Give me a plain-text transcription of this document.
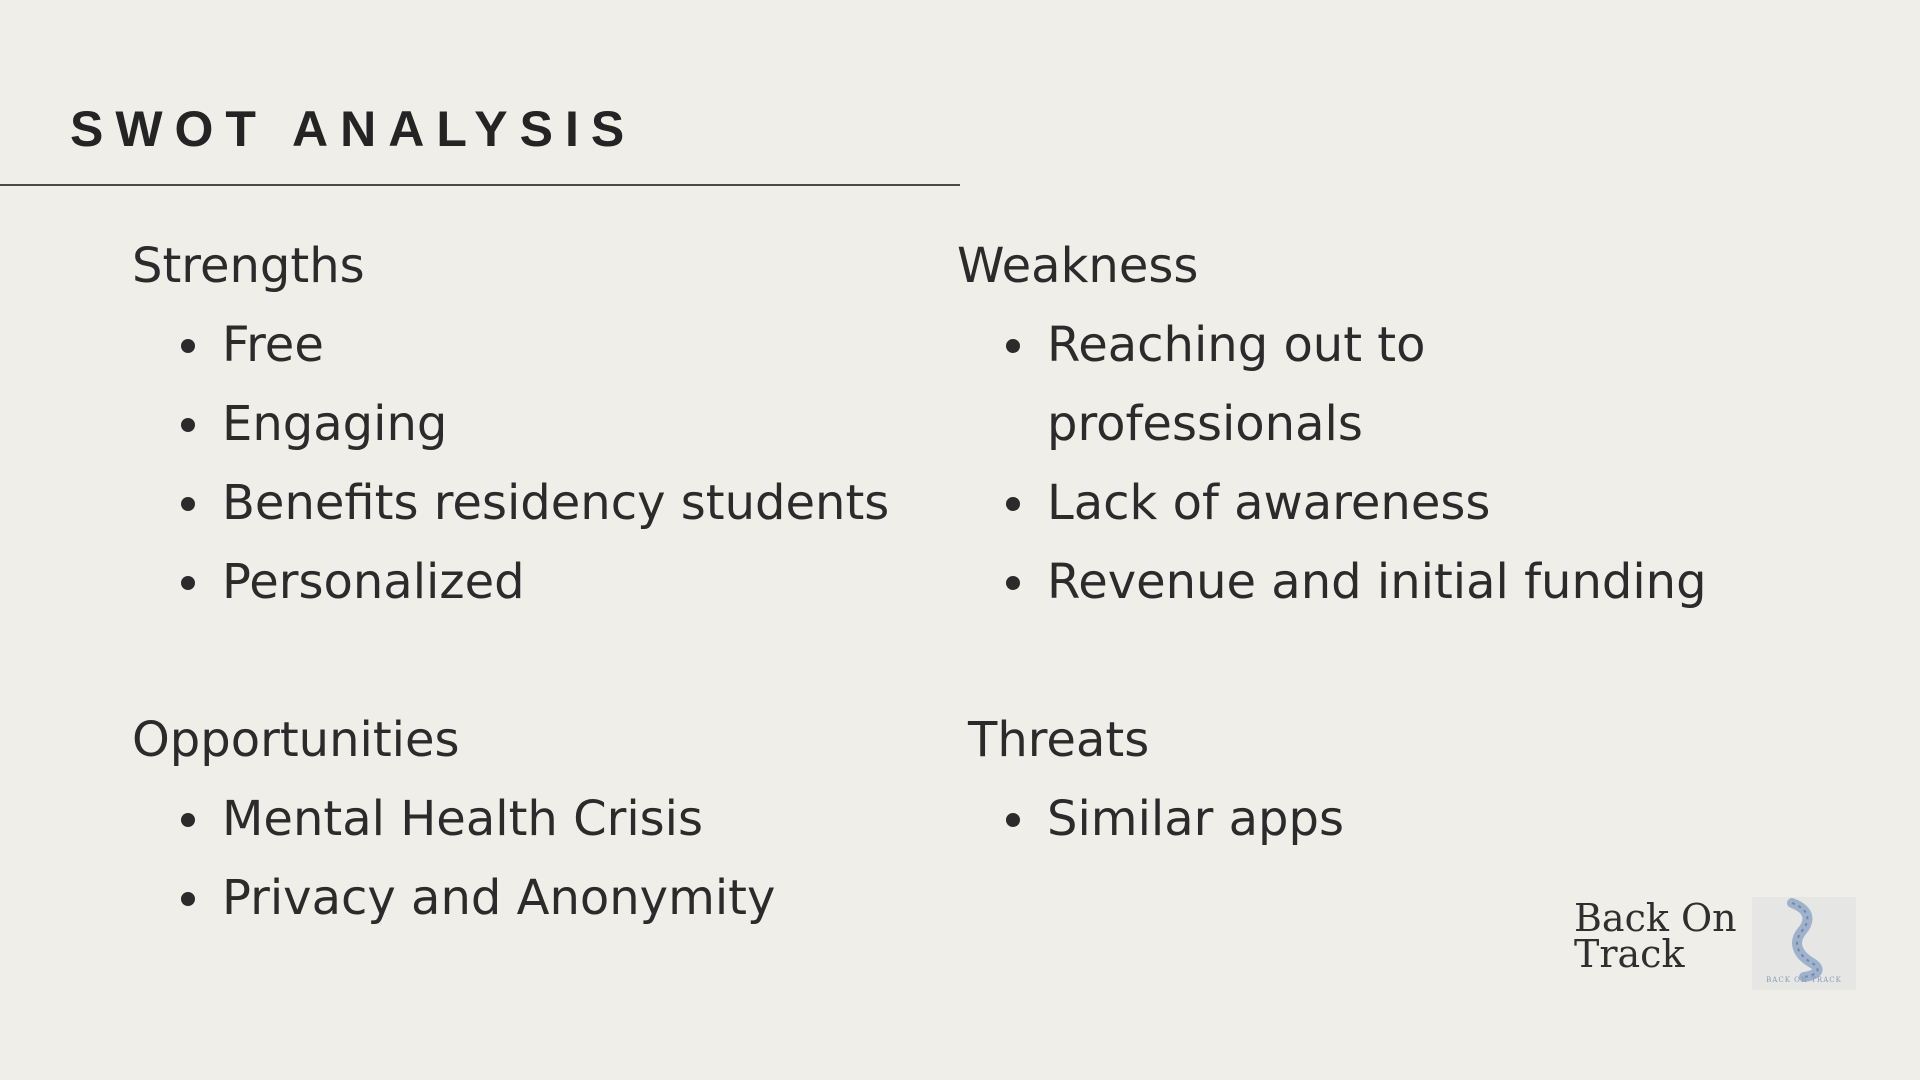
SWOT ANALYSIS
Strengths
Free
Engaging
Benefits residency students
Personalized
Weakness
Reaching out to professionals
Lack of awareness
Revenue and initial funding
Opportunities
Mental Health Crisis
Privacy and Anonymity
Threats
Similar apps
Back On
Track
BACK ON TRACK
